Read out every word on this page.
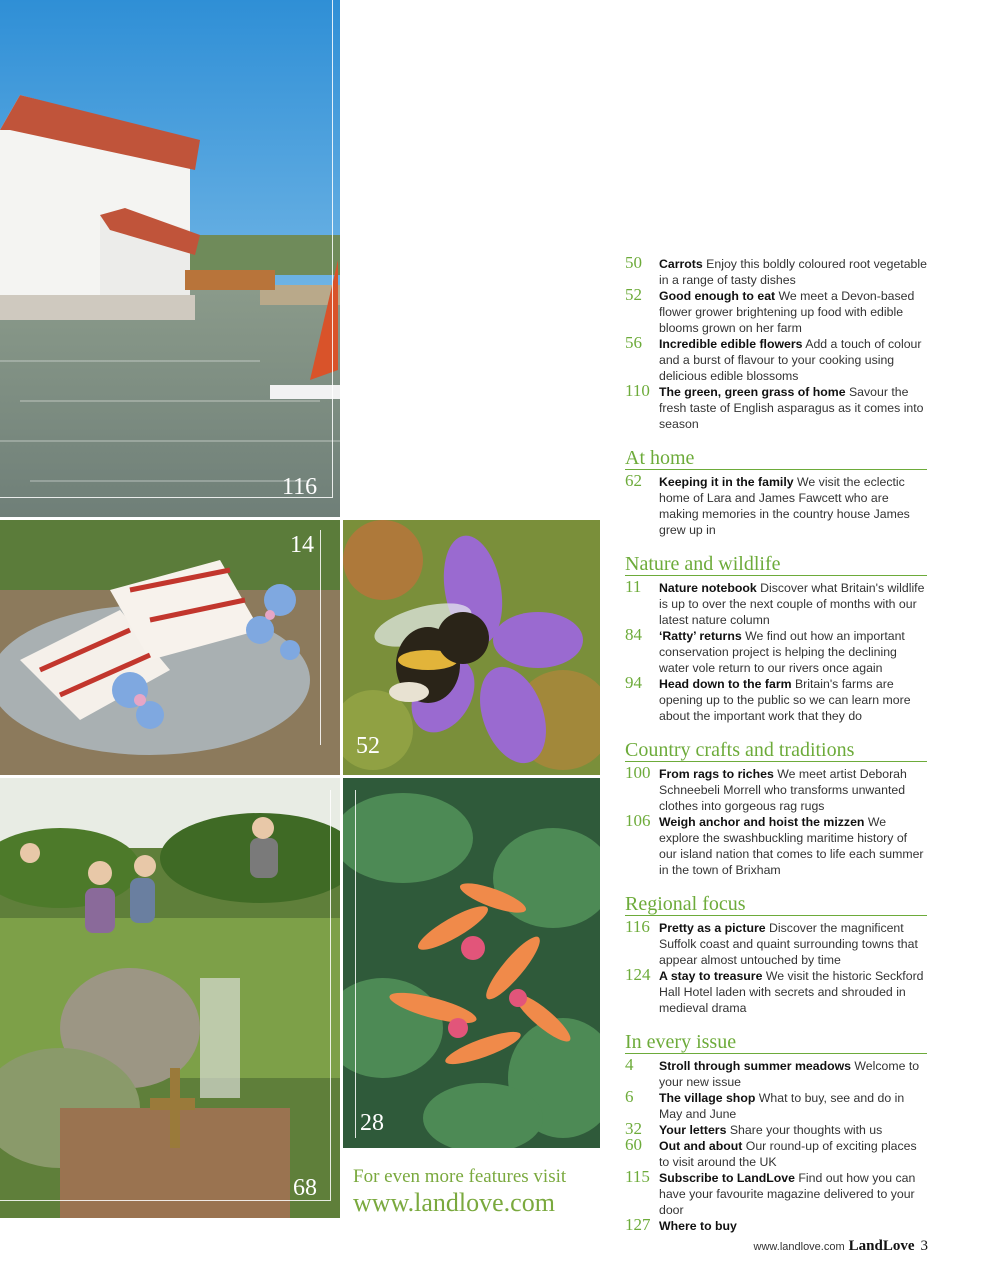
116
14
52
68
28
For even more features visit
www.landlove.com
50 Carrots Enjoy this boldly coloured root vegetable in a range of tasty dishes
52 Good enough to eat We meet a Devon-based flower grower brightening up food with edible blooms grown on her farm
56 Incredible edible flowers Add a touch of colour and a burst of flavour to your cooking using delicious edible blossoms
110 The green, green grass of home Savour the fresh taste of English asparagus as it comes into season
At home
62 Keeping it in the family We visit the eclectic home of Lara and James Fawcett who are making memories in the country house James grew up in
Nature and wildlife
11 Nature notebook Discover what Britain's wildlife is up to over the next couple of months with our latest nature column
84 ‘Ratty’ returns We find out how an important conservation project is helping the declining water vole return to our rivers once again
94 Head down to the farm Britain's farms are opening up to the public so we can learn more about the important work that they do
Country crafts and traditions
100 From rags to riches We meet artist Deborah Schneebeli Morrell who transforms unwanted clothes into gorgeous rag rugs
106 Weigh anchor and hoist the mizzen We explore the swashbuckling maritime history of our island nation that comes to life each summer in the town of Brixham
Regional focus
116 Pretty as a picture Discover the magnificent Suffolk coast and quaint surrounding towns that appear almost untouched by time
124 A stay to treasure We visit the historic Seckford Hall Hotel laden with secrets and shrouded in medieval drama
In every issue
4 Stroll through summer meadows Welcome to your new issue
6 The village shop What to buy, see and do in May and June
32 Your letters Share your thoughts with us
60 Out and about Our round-up of exciting places to visit around the UK
115 Subscribe to LandLove Find out how you can have your favourite magazine delivered to your door
127 Where to buy
www.landlove.com LandLove 3
